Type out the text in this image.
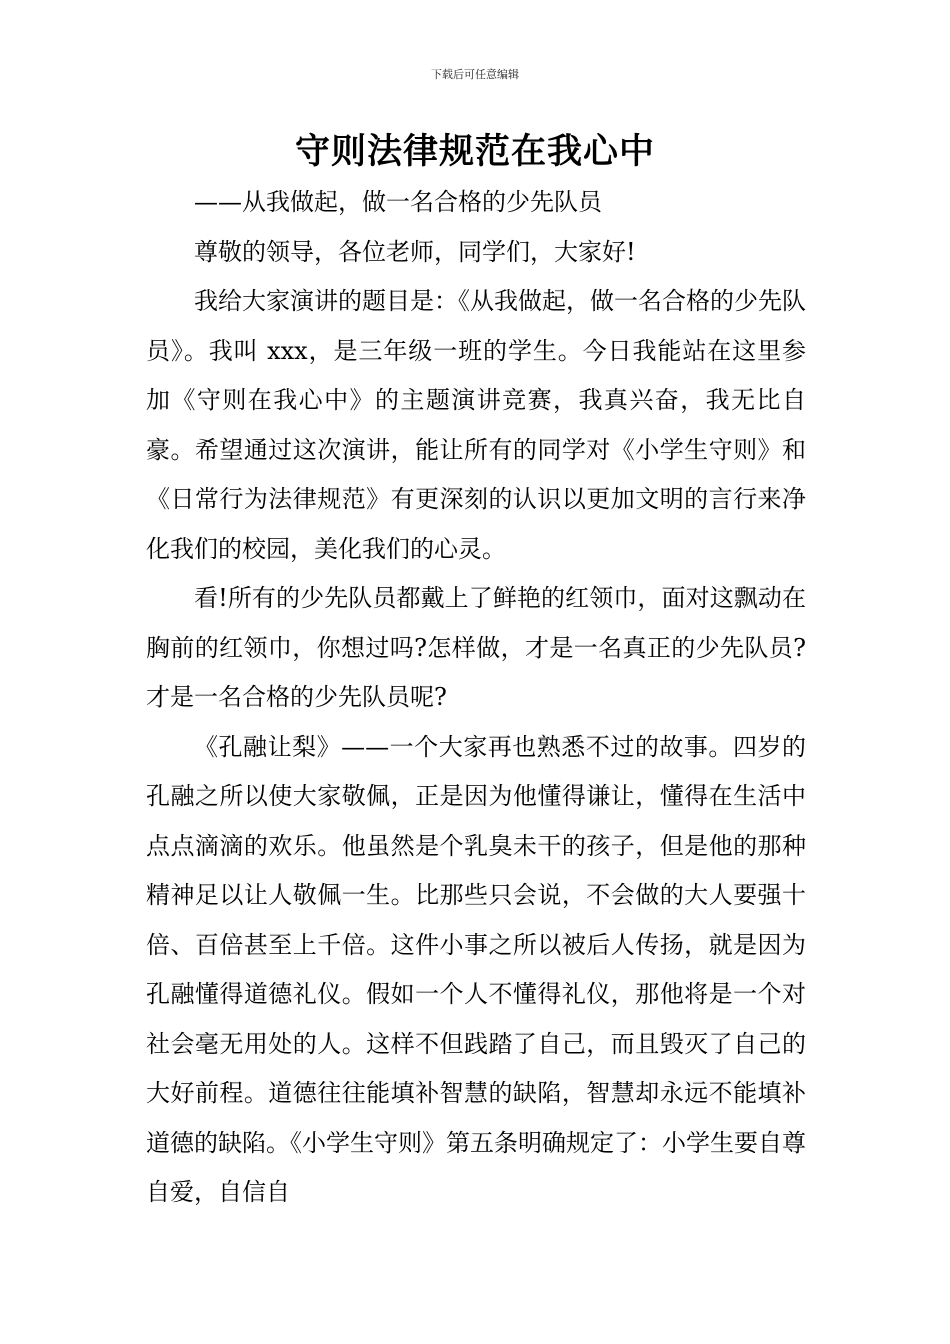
下载后可任意编辑
守则法律规范在我心中

——从我做起，做一名合格的少先队员

尊敬的领导，各位老师，同学们，大家好!

我给大家演讲的题目是：《从我做起，做一名合格的少先队员》。我叫 xxx，是三年级一班的学生。今日我能站在这里参加《守则在我心中》的主题演讲竞赛，我真兴奋，我无比自豪。希望通过这次演讲，能让所有的同学对《小学生守则》和《日常行为法律规范》有更深刻的认识以更加文明的言行来净化我们的校园，美化我们的心灵。

看!所有的少先队员都戴上了鲜艳的红领巾，面对这飘动在胸前的红领巾，你想过吗?怎样做，才是一名真正的少先队员?才是一名合格的少先队员呢?

《孔融让梨》——一个大家再也熟悉不过的故事。四岁的孔融之所以使大家敬佩，正是因为他懂得谦让，懂得在生活中点点滴滴的欢乐。他虽然是个乳臭未干的孩子，但是他的那种精神足以让人敬佩一生。比那些只会说，不会做的大人要强十倍、百倍甚至上千倍。这件小事之所以被后人传扬，就是因为孔融懂得道德礼仪。假如一个人不懂得礼仪，那他将是一个对社会毫无用处的人。这样不但践踏了自己，而且毁灭了自己的大好前程。道德往往能填补智慧的缺陷，智慧却永远不能填补道德的缺陷。《小学生守则》第五条明确规定了：小学生要自尊自爱，自信自
